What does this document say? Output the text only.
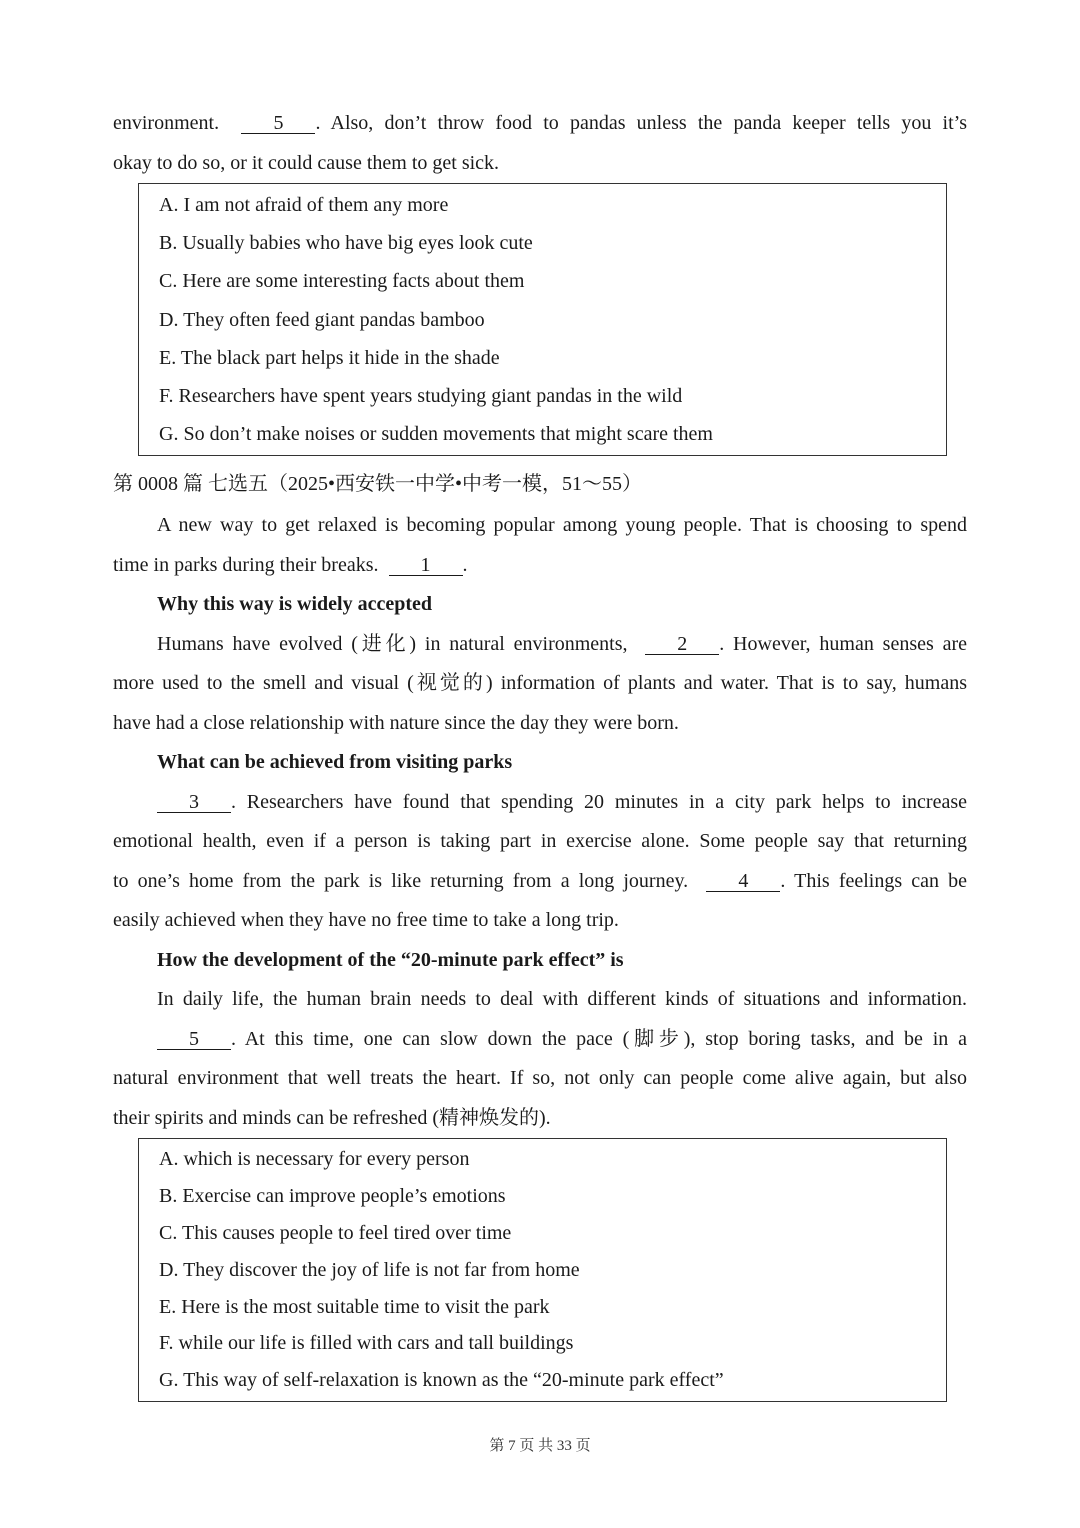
environment.	5 . Also, don’t throw food to pandas unless the panda keeper tells you it’s
okay to do so, or it could cause them to get sick.
A. I am not afraid of them any more
B. Usually babies who have big eyes look cute
C. Here are some interesting facts about them
D. They often feed giant pandas bamboo
E. The black part helps it hide in the shade
F. Researchers have spent years studying giant pandas in the wild
G. So don’t make noises or sudden movements that might scare them
第 0008 篇 七选五（2025•西安铁一中学•中考一模，51～55）
A new way to get relaxed is becoming popular among young people. That is choosing to spend
time in parks during their breaks. 1 .
Why this way is widely accepted
Humans have evolved (进化) in natural environments, 2 . However, human senses are
more used to the smell and visual (视觉的) information of plants and water. That is to say, humans
have had a close relationship with nature since the day they were born.
What can be achieved from visiting parks
3 . Researchers have found that spending 20 minutes in a city park helps to increase
emotional health, even if a person is taking part in exercise alone. Some people say that returning
to one’s home from the park is like returning from a long journey.	4 . This feelings can be
easily achieved when they have no free time to take a long trip.
How the development of the “20-minute park effect” is
In daily life, the human brain needs to deal with different kinds of situations and information.
5 . At this time, one can slow down the pace (脚步), stop boring tasks, and be in a
natural environment that well treats the heart. If so, not only can people come alive again, but also
their spirits and minds can be refreshed (精神焕发的).
A. which is necessary for every person
B. Exercise can improve people’s emotions
C. This causes people to feel tired over time
D. They discover the joy of life is not far from home
E. Here is the most suitable time to visit the park
F. while our life is filled with cars and tall buildings
G. This way of self-relaxation is known as the “20-minute park effect”
第 7 页 共 33 页
